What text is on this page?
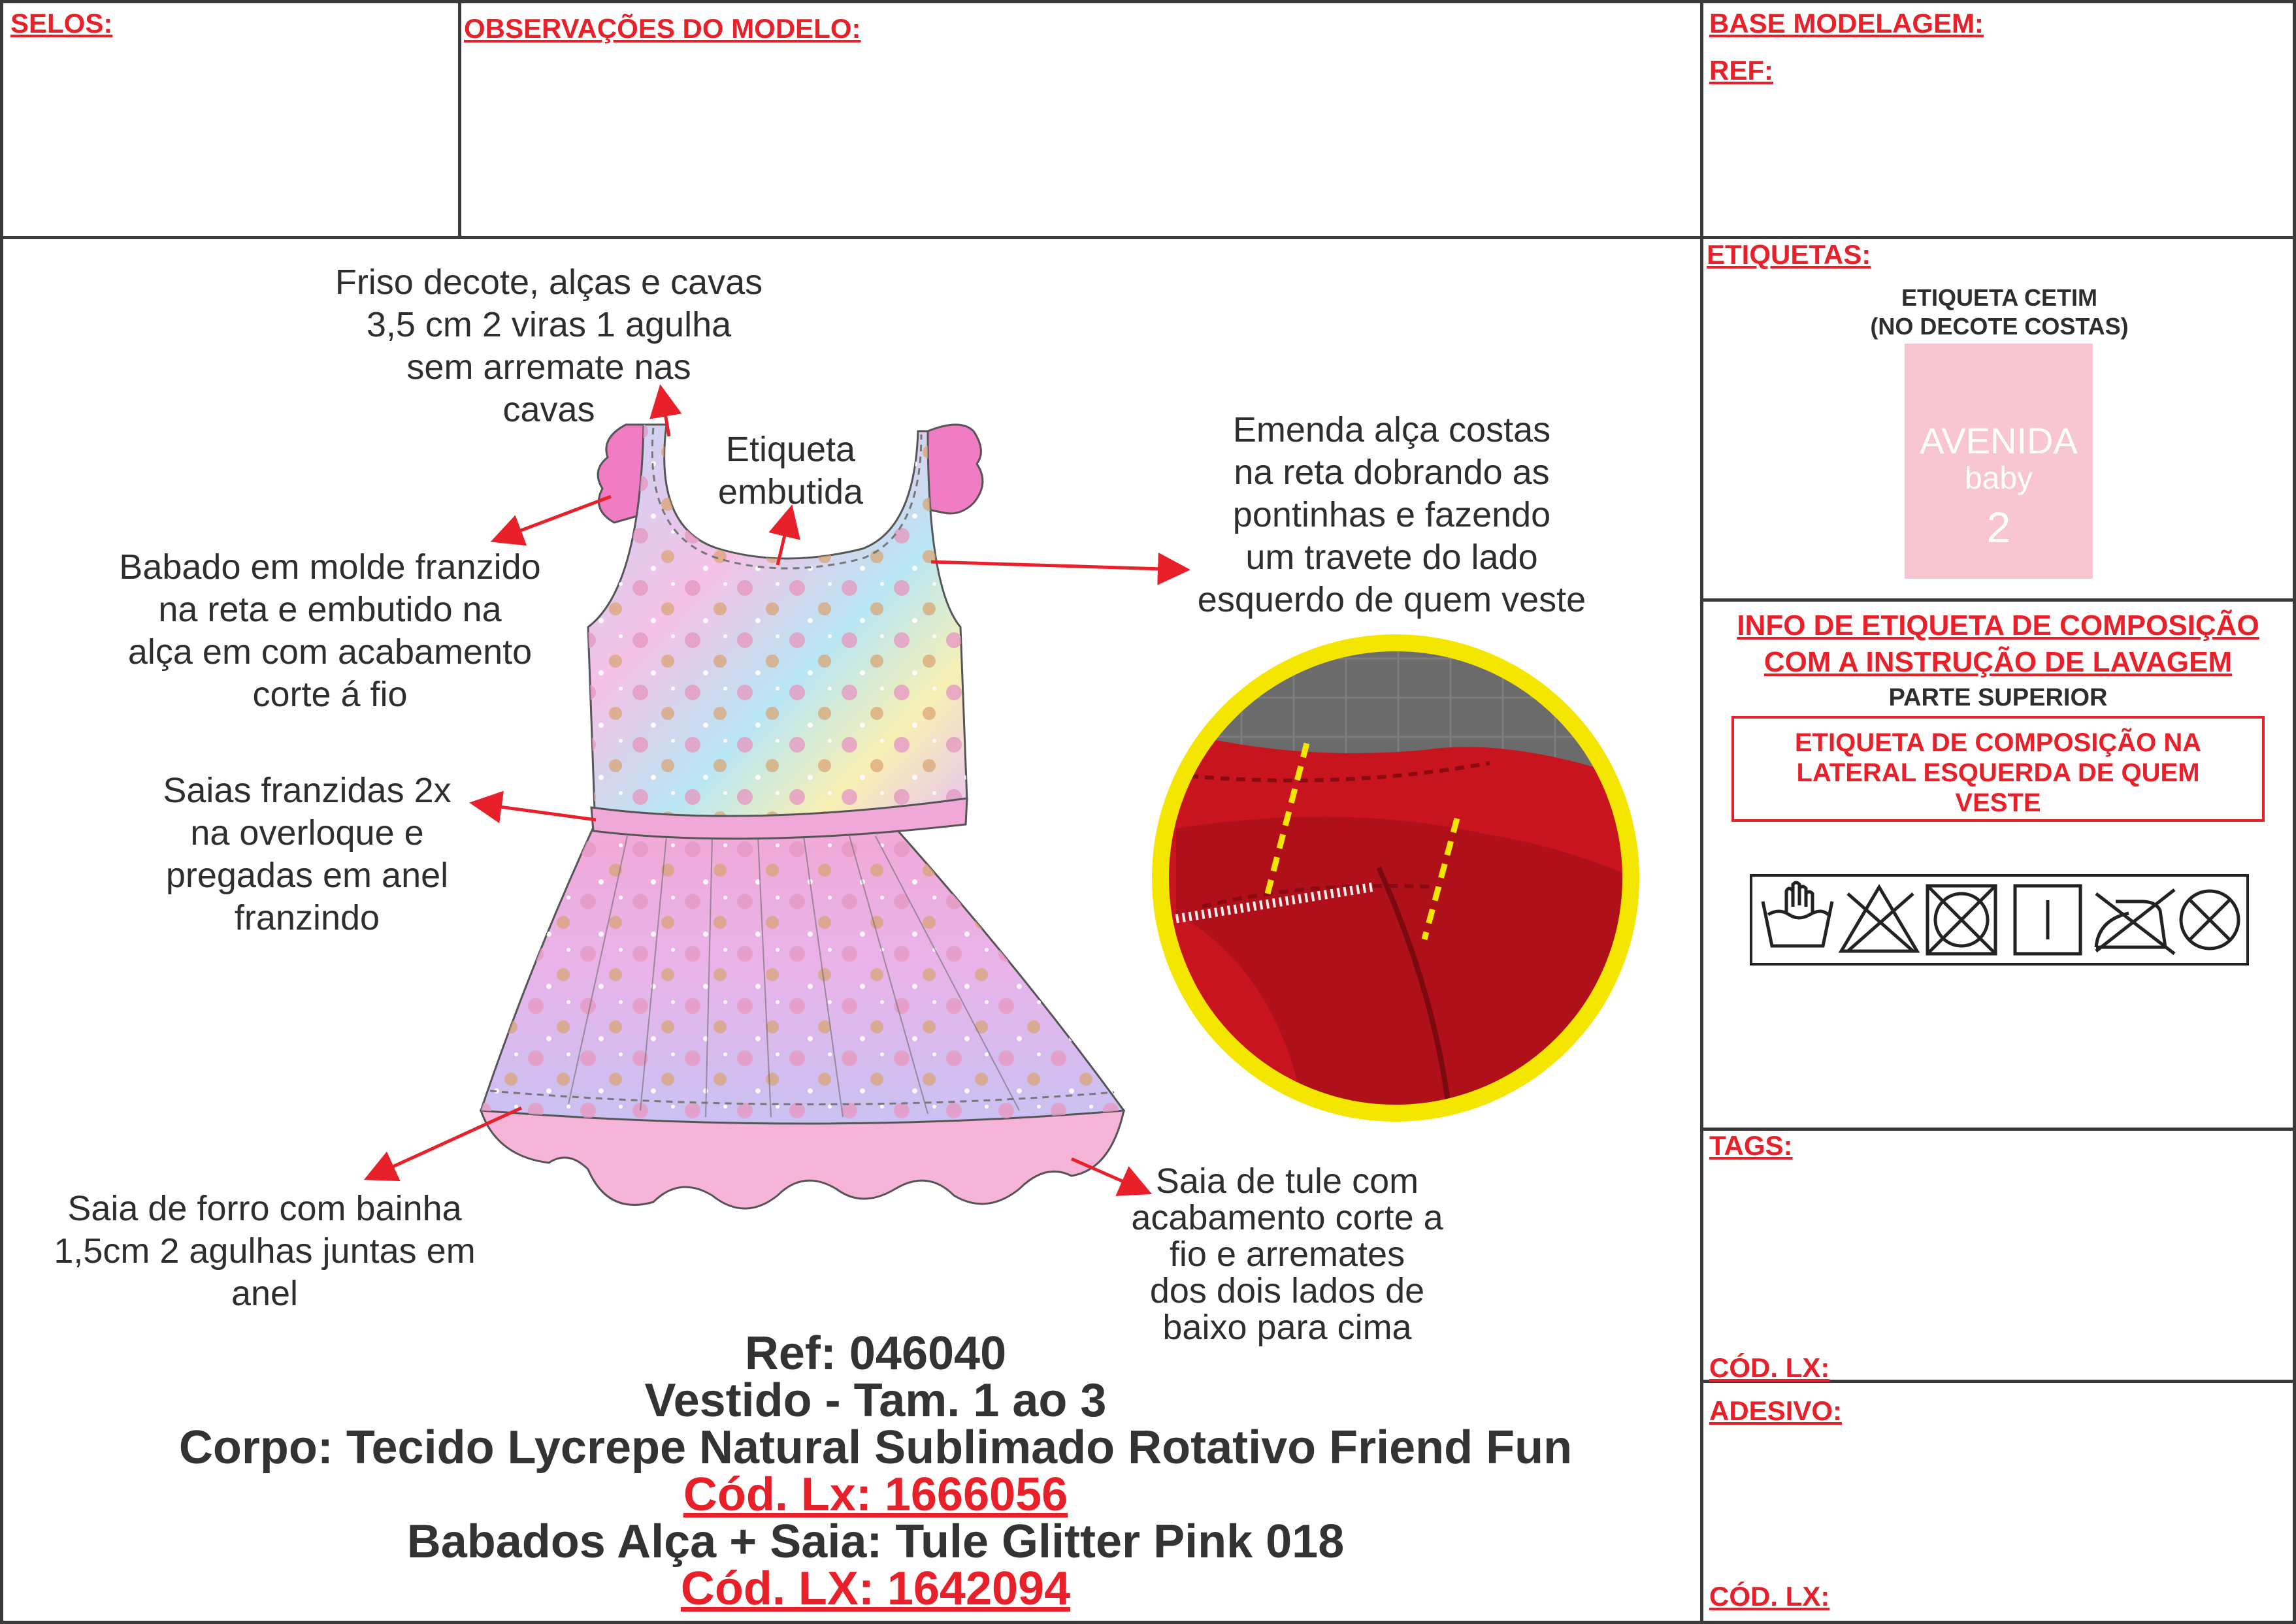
SELOS:	OBSERVAÇÕES DO MODELO:	BASE MODELAGEM:
REF:
ETIQUETAS:
ETIQUETA CETIM
(NO DECOTE COSTAS)
AVENIDA
baby
2
INFO DE ETIQUETA DE COMPOSIÇÃO
COM A INSTRUÇÃO DE LAVAGEM
PARTE SUPERIOR
ETIQUETA DE COMPOSIÇÃO NA
LATERAL ESQUERDA DE QUEM
VESTE
TAGS:
CÓD. LX:
ADESIVO:
CÓD. LX:
Friso decote, alças e cavas
3,5 cm 2 viras 1 agulha
sem arremate nas
cavas
Etiqueta
embutida
Emenda alça costas
na reta dobrando as
pontinhas e fazendo
um travete do lado
esquerdo de quem veste
Babado em molde franzido
na reta e embutido na
alça em com acabamento
corte á fio
Saias franzidas 2x
na overloque e
pregadas em anel
franzindo
Saia de forro com bainha
1,5cm 2 agulhas juntas em
anel
Saia de tule com
acabamento corte a
fio e arremates
dos dois lados de
baixo para cima
Ref: 046040
Vestido - Tam. 1 ao 3
Corpo: Tecido Lycrepe Natural Sublimado Rotativo Friend Fun
Cód. Lx: 1666056
Babados Alça + Saia: Tule Glitter Pink 018
Cód. LX: 1642094
